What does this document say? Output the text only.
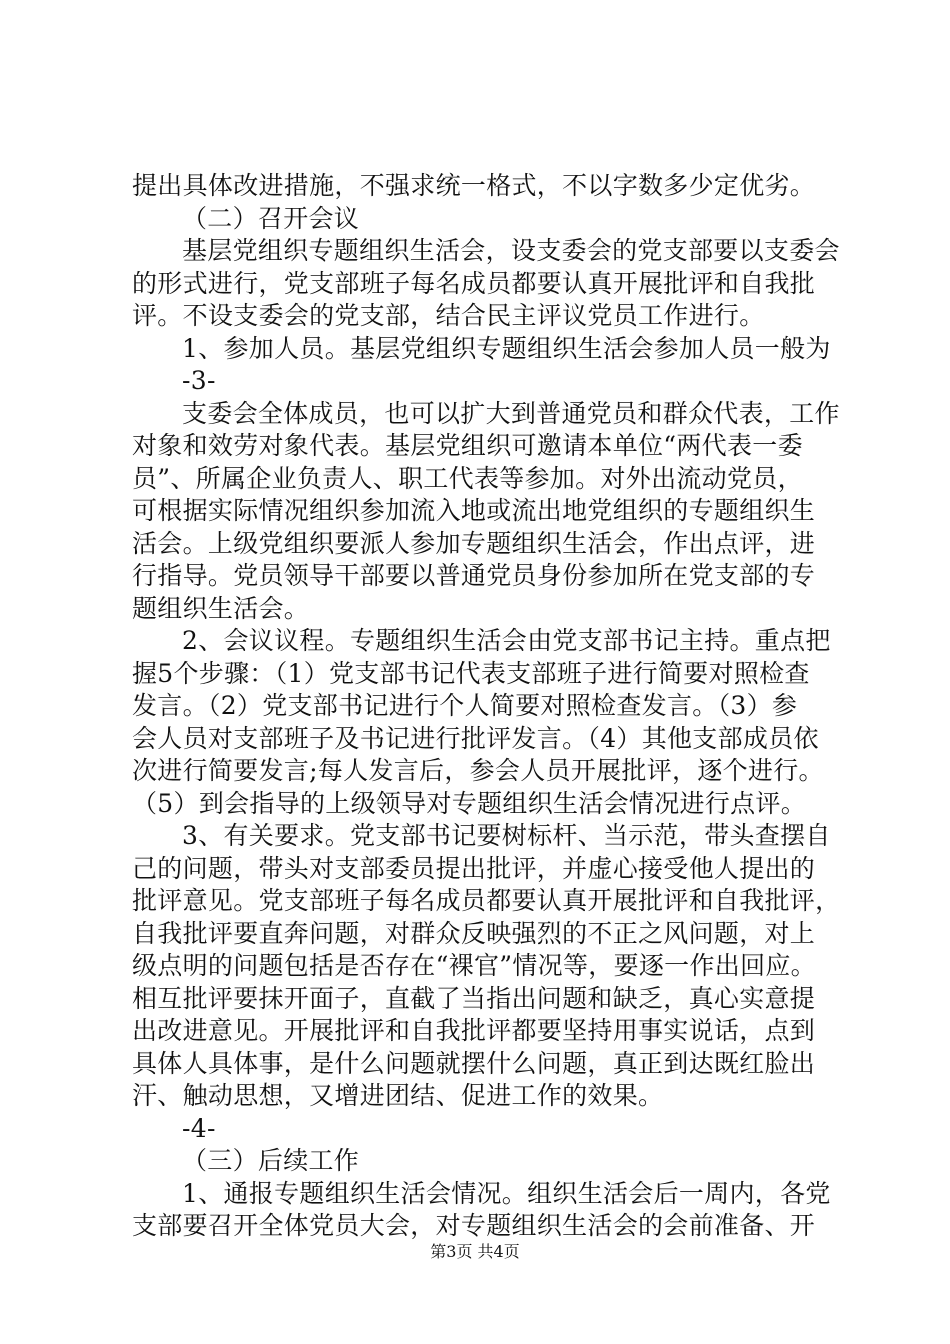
提出具体改进措施，不强求统一格式，不以字数多少定优劣。
（二）召开会议
基层党组织专题组织生活会，设支委会的党支部要以支委会
的形式进行，党支部班子每名成员都要认真开展批评和自我批
评。不设支委会的党支部，结合民主评议党员工作进行。
1、参加人员。基层党组织专题组织生活会参加人员一般为
-3-
支委会全体成员，也可以扩大到普通党员和群众代表，工作
对象和效劳对象代表。基层党组织可邀请本单位“两代表一委
员”、所属企业负责人、职工代表等参加。对外出流动党员，
可根据实际情况组织参加流入地或流出地党组织的专题组织生
活会。上级党组织要派人参加专题组织生活会，作出点评，进
行指导。党员领导干部要以普通党员身份参加所在党支部的专
题组织生活会。
2、会议议程。专题组织生活会由党支部书记主持。重点把
握5个步骤：（1）党支部书记代表支部班子进行简要对照检查
发言。（2）党支部书记进行个人简要对照检查发言。（3）参
会人员对支部班子及书记进行批评发言。（4）其他支部成员依
次进行简要发言;每人发言后，参会人员开展批评，逐个进行。
（5）到会指导的上级领导对专题组织生活会情况进行点评。
3、有关要求。党支部书记要树标杆、当示范，带头查摆自
己的问题，带头对支部委员提出批评，并虚心接受他人提出的
批评意见。党支部班子每名成员都要认真开展批评和自我批评，
自我批评要直奔问题，对群众反映强烈的不正之风问题，对上
级点明的问题包括是否存在“裸官”情况等，要逐一作出回应。
相互批评要抹开面子，直截了当指出问题和缺乏，真心实意提
出改进意见。开展批评和自我批评都要坚持用事实说话，点到
具体人具体事，是什么问题就摆什么问题，真正到达既红脸出
汗、触动思想，又增进团结、促进工作的效果。
-4-
（三）后续工作
1、通报专题组织生活会情况。组织生活会后一周内，各党
支部要召开全体党员大会，对专题组织生活会的会前准备、开
第3页 共4页
